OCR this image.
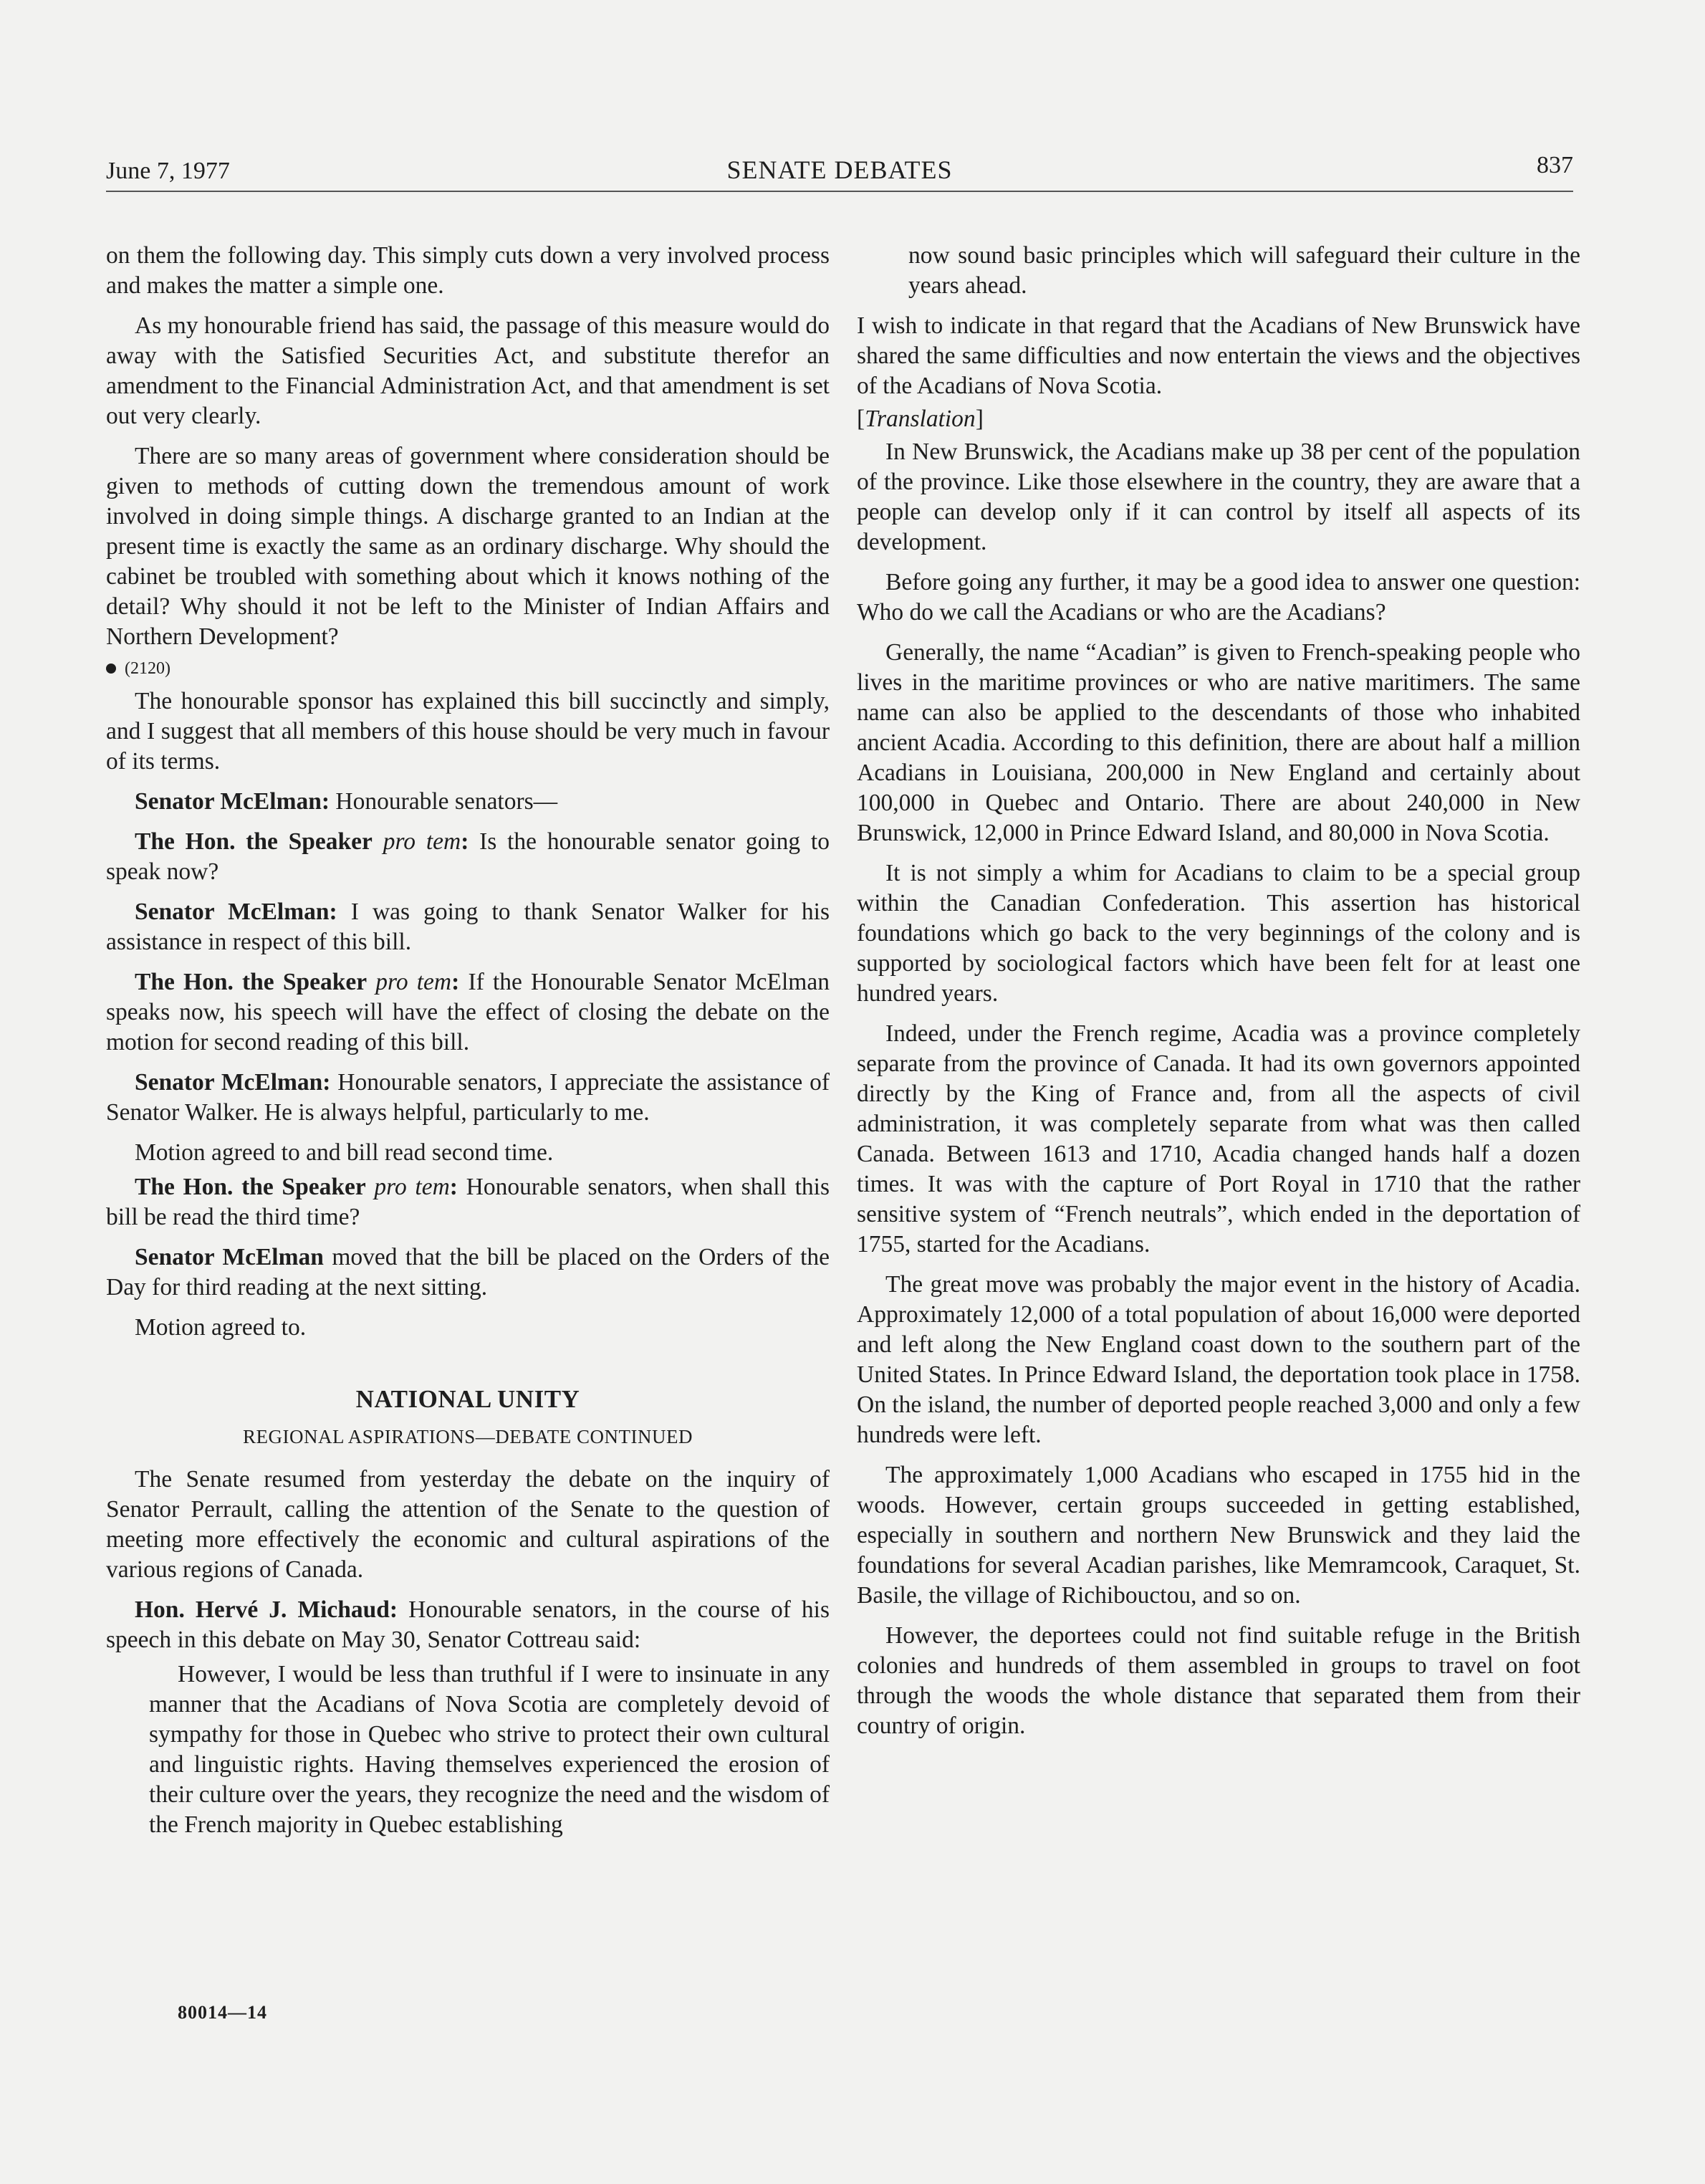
June 7, 1977	SENATE DEBATES	837

on them the following day. This simply cuts down a very involved process and makes the matter a simple one.

As my honourable friend has said, the passage of this measure would do away with the Satisfied Securities Act, and substitute therefor an amendment to the Financial Administration Act, and that amendment is set out very clearly.

There are so many areas of government where consideration should be given to methods of cutting down the tremendous amount of work involved in doing simple things. A discharge granted to an Indian at the present time is exactly the same as an ordinary discharge. Why should the cabinet be troubled with something about which it knows nothing of the detail? Why should it not be left to the Minister of Indian Affairs and Northern Development?

(2120)

The honourable sponsor has explained this bill succinctly and simply, and I suggest that all members of this house should be very much in favour of its terms.

Senator McElman: Honourable senators—

The Hon. the Speaker pro tem: Is the honourable senator going to speak now?

Senator McElman: I was going to thank Senator Walker for his assistance in respect of this bill.

The Hon. the Speaker pro tem: If the Honourable Senator McElman speaks now, his speech will have the effect of closing the debate on the motion for second reading of this bill.

Senator McElman: Honourable senators, I appreciate the assistance of Senator Walker. He is always helpful, particularly to me.

Motion agreed to and bill read second time.

The Hon. the Speaker pro tem: Honourable senators, when shall this bill be read the third time?

Senator McElman moved that the bill be placed on the Orders of the Day for third reading at the next sitting.

Motion agreed to.

NATIONAL UNITY
REGIONAL ASPIRATIONS—DEBATE CONTINUED

The Senate resumed from yesterday the debate on the inquiry of Senator Perrault, calling the attention of the Senate to the question of meeting more effectively the economic and cultural aspirations of the various regions of Canada.

Hon. Hervé J. Michaud: Honourable senators, in the course of his speech in this debate on May 30, Senator Cottreau said:

However, I would be less than truthful if I were to insinuate in any manner that the Acadians of Nova Scotia are completely devoid of sympathy for those in Quebec who strive to protect their own cultural and linguistic rights. Having themselves experienced the erosion of their culture over the years, they recognize the need and the wisdom of the French majority in Quebec establishing

now sound basic principles which will safeguard their culture in the years ahead.

I wish to indicate in that regard that the Acadians of New Brunswick have shared the same difficulties and now entertain the views and the objectives of the Acadians of Nova Scotia.

[Translation]

In New Brunswick, the Acadians make up 38 per cent of the population of the province. Like those elsewhere in the country, they are aware that a people can develop only if it can control by itself all aspects of its development.

Before going any further, it may be a good idea to answer one question: Who do we call the Acadians or who are the Acadians?

Generally, the name “Acadian” is given to French-speaking people who lives in the maritime provinces or who are native maritimers. The same name can also be applied to the descendants of those who inhabited ancient Acadia. According to this definition, there are about half a million Acadians in Louisiana, 200,000 in New England and certainly about 100,000 in Quebec and Ontario. There are about 240,000 in New Brunswick, 12,000 in Prince Edward Island, and 80,000 in Nova Scotia.

It is not simply a whim for Acadians to claim to be a special group within the Canadian Confederation. This assertion has historical foundations which go back to the very beginnings of the colony and is supported by sociological factors which have been felt for at least one hundred years.

Indeed, under the French regime, Acadia was a province completely separate from the province of Canada. It had its own governors appointed directly by the King of France and, from all the aspects of civil administration, it was completely separate from what was then called Canada. Between 1613 and 1710, Acadia changed hands half a dozen times. It was with the capture of Port Royal in 1710 that the rather sensitive system of “French neutrals”, which ended in the deportation of 1755, started for the Acadians.

The great move was probably the major event in the history of Acadia. Approximately 12,000 of a total population of about 16,000 were deported and left along the New England coast down to the southern part of the United States. In Prince Edward Island, the deportation took place in 1758. On the island, the number of deported people reached 3,000 and only a few hundreds were left.

The approximately 1,000 Acadians who escaped in 1755 hid in the woods. However, certain groups succeeded in getting established, especially in southern and northern New Brunswick and they laid the foundations for several Acadian parishes, like Memramcook, Caraquet, St. Basile, the village of Richiboucto​u, and so on.

However, the deportees could not find suitable refuge in the British colonies and hundreds of them assembled in groups to travel on foot through the woods the whole distance that separated them from their country of origin.

80014—14
